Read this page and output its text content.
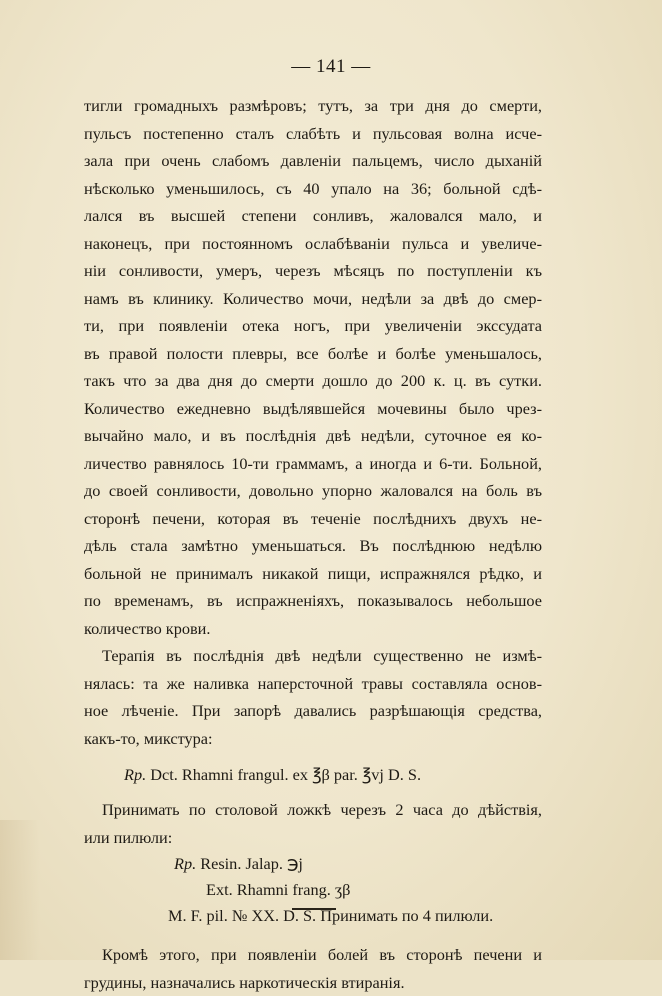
— 141 —
тигли громадныхъ размѣровъ; тутъ, за три дня до смерти,
пульсъ постепенно сталъ слабѣть и пульсовая волна исче-
зала при очень слабомъ давленіи пальцемъ, число дыханій
нѣсколько уменьшилось, съ 40 упало на 36; больной сдѣ-
лался въ высшей степени сонливъ, жаловался мало, и
наконецъ, при постоянномъ ослабѣваніи пульса и увеличе-
ніи сонливости, умеръ, черезъ мѣсяцъ по поступленіи къ
намъ въ клинику. Количество мочи, недѣли за двѣ до смер-
ти, при появленіи отека ногъ, при увеличеніи экссудата
въ правой полости плевры, все болѣе и болѣе уменьшалось,
такъ что за два дня до смерти дошло до 200 к. ц. въ сутки.
Количество ежедневно выдѣлявшейся мочевины было чрез-
вычайно мало, и въ послѣднія двѣ недѣли, суточное ея ко-
личество равнялось 10-ти граммамъ, а иногда и 6-ти. Больной,
до своей сонливости, довольно упорно жаловался на боль въ
сторонѣ печени, которая въ теченіе послѣднихъ двухъ не-
дѣль стала замѣтно уменьшаться. Въ послѣднюю недѣлю
больной не принималъ никакой пищи, испражнялся рѣдко, и
по временамъ, въ испражненіяхъ, показывалось небольшое
количество крови.
Терапія въ послѣднія двѣ недѣли существенно не измѣ-
нялась: та же наливка наперсточной травы составляла основ-
ное лѣченіе. При запорѣ давались разрѣшающія средства,
какъ-то, микстура:
Rp. Dct. Rhamni frangul. ex ℥β par. ℥vj D. S.
Принимать по столовой ложкѣ черезъ 2 часа до дѣйствія,
или пилюли:
Rp. Resin. Jalap. ℈j
Ext. Rhamni frang. ʒβ
M. F. pil. № XX. D. S. Принимать по 4 пилюли.
Кромѣ этого, при появленіи болей въ сторонѣ печени и
грудины, назначались наркотическія втиранія.
